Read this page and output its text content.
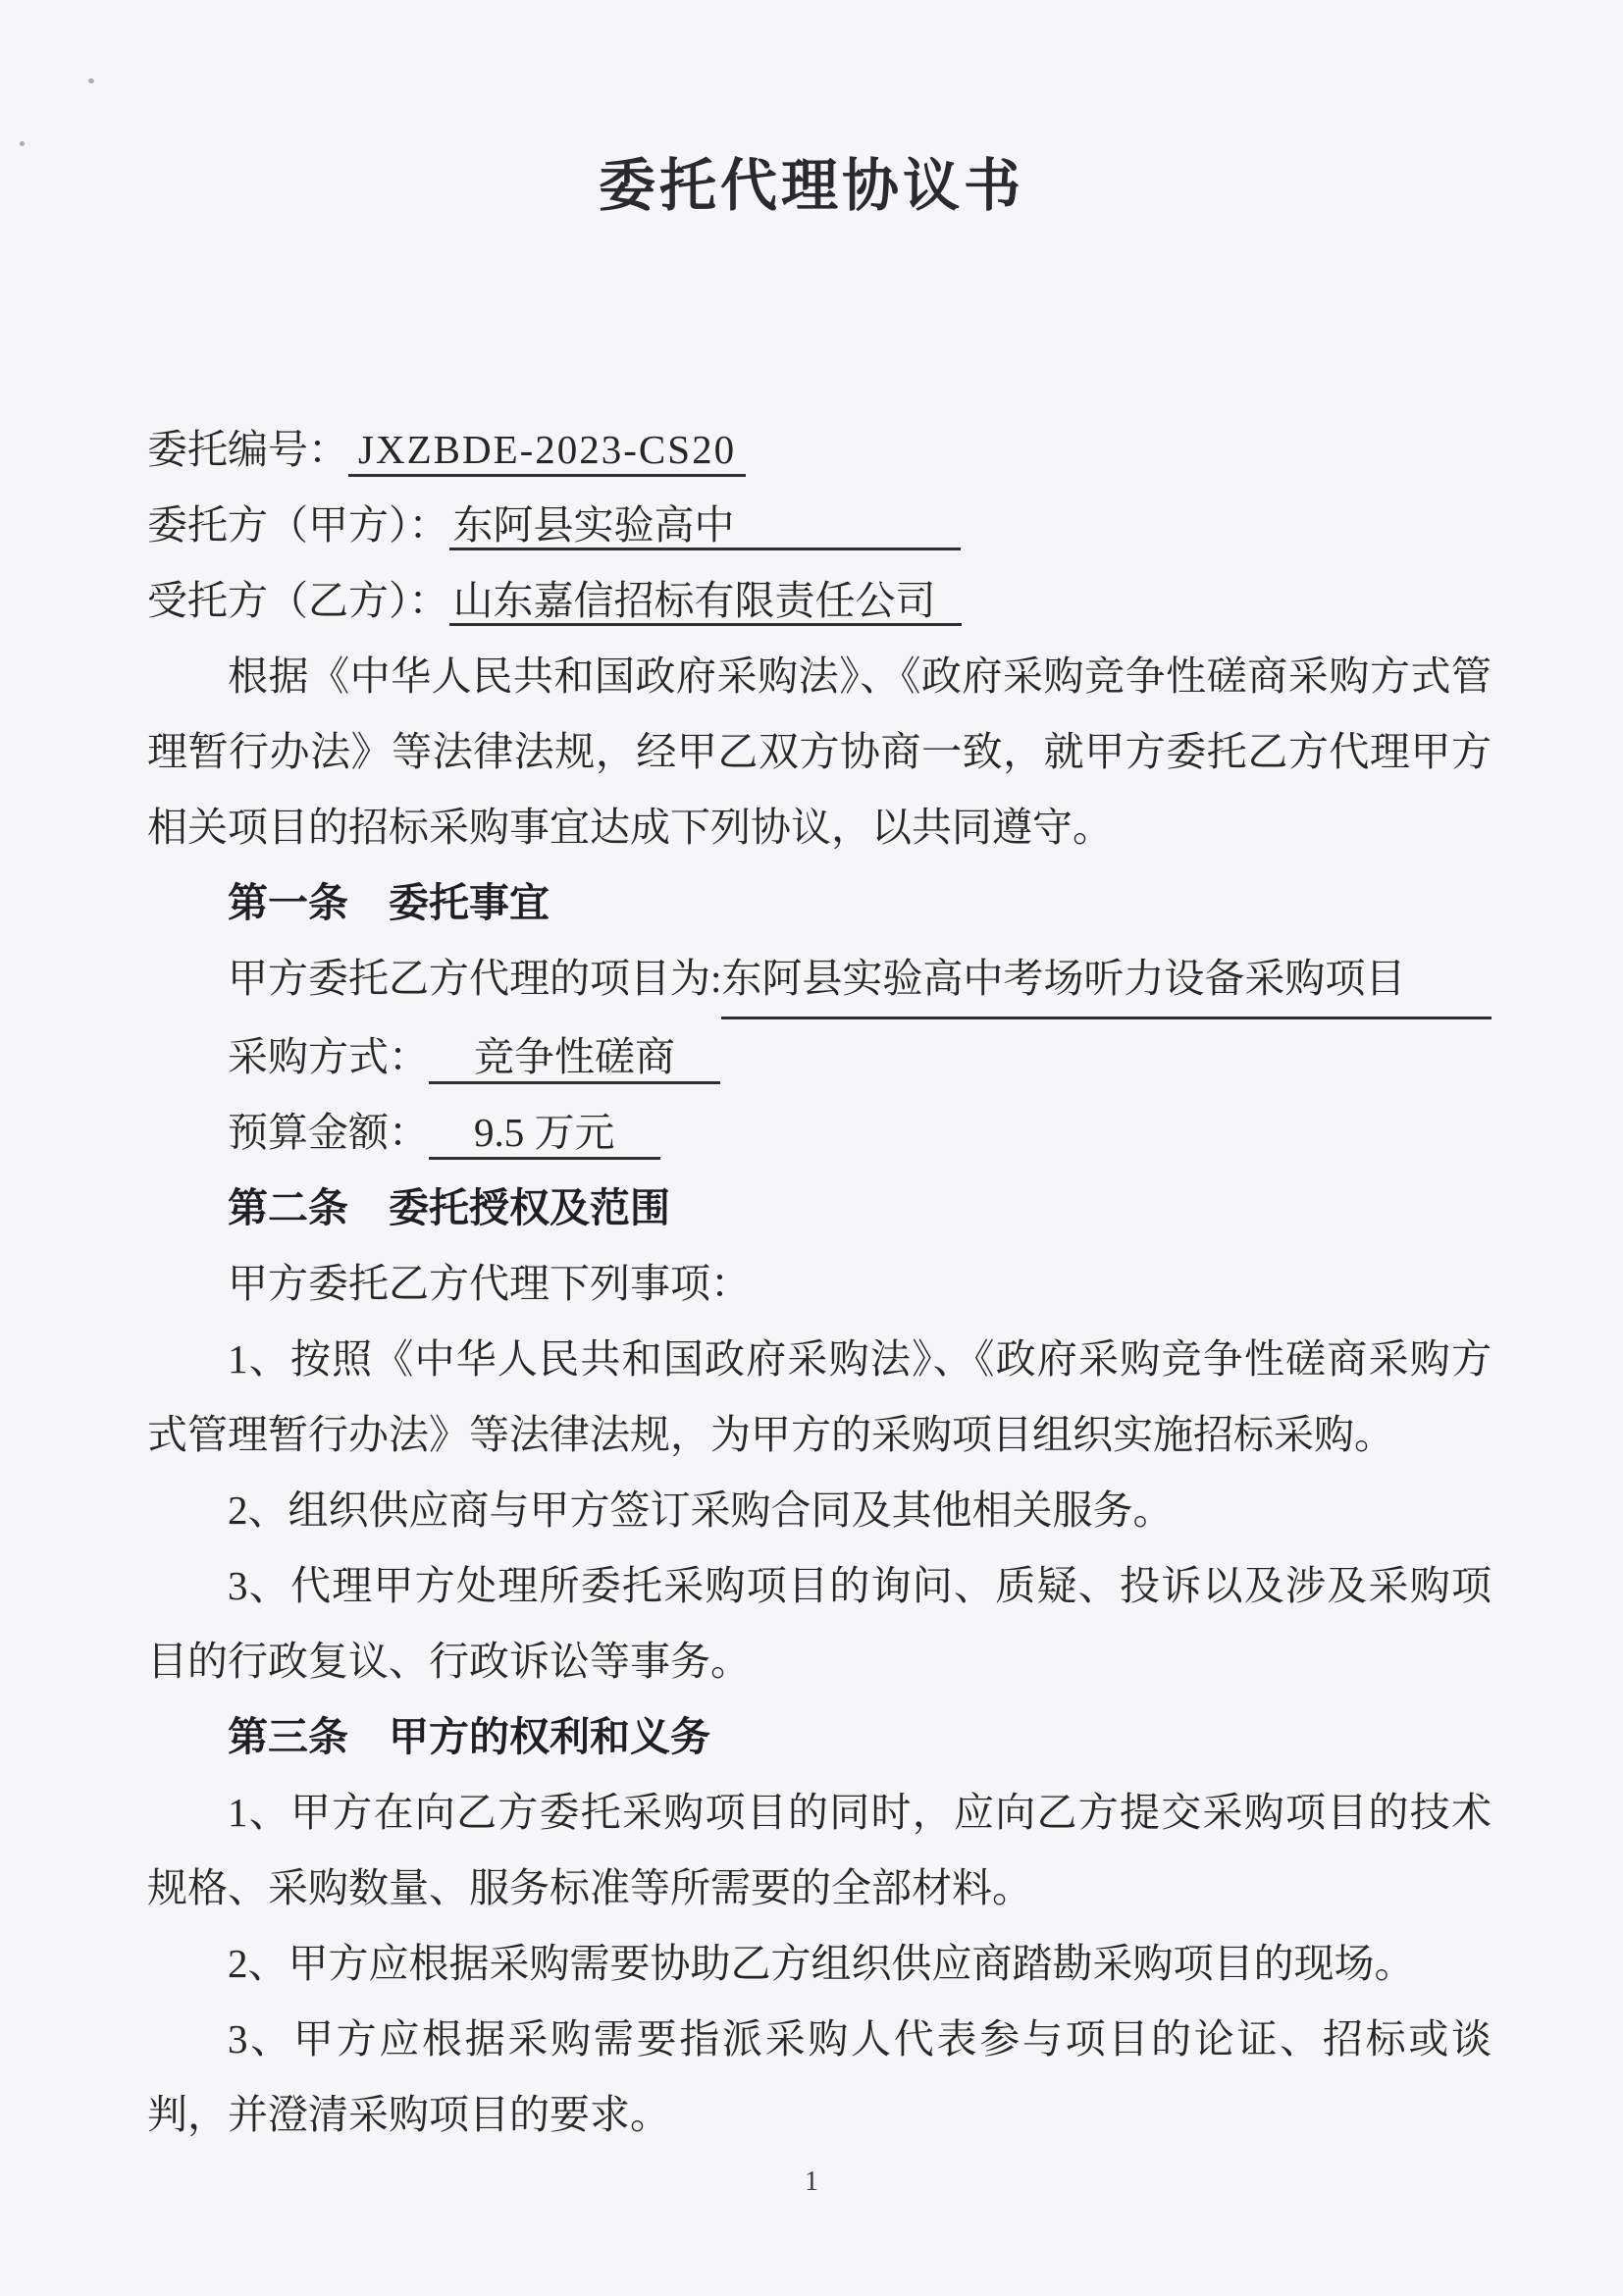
委托代理协议书
委托编号： JXZBDE-2023-CS20
委托方（甲方）：东阿县实验高中
受托方（乙方）：山东嘉信招标有限责任公司

根据《中华人民共和国政府采购法》、《政府采购竞争性磋商采购方式管理暂行办法》等法律法规，经甲乙双方协商一致，就甲方委托乙方代理甲方相关项目的招标采购事宜达成下列协议，以共同遵守。

第一条　委托事宜
甲方委托乙方代理的项目为: 东阿县实验高中考场听力设备采购项目
采购方式： 竞争性磋商
预算金额： 9.5 万元
第二条　委托授权及范围
甲方委托乙方代理下列事项：

1、按照《中华人民共和国政府采购法》、《政府采购竞争性磋商采购方式管理暂行办法》等法律法规，为甲方的采购项目组织实施招标采购。

2、组织供应商与甲方签订采购合同及其他相关服务。

3、代理甲方处理所委托采购项目的询问、质疑、投诉以及涉及采购项目的行政复议、行政诉讼等事务。

第三条　甲方的权利和义务

1、甲方在向乙方委托采购项目的同时，应向乙方提交采购项目的技术规格、采购数量、服务标准等所需要的全部材料。

2、甲方应根据采购需要协助乙方组织供应商踏勘采购项目的现场。

3、甲方应根据采购需要指派采购人代表参与项目的论证、招标或谈判，并澄清采购项目的要求。

1
